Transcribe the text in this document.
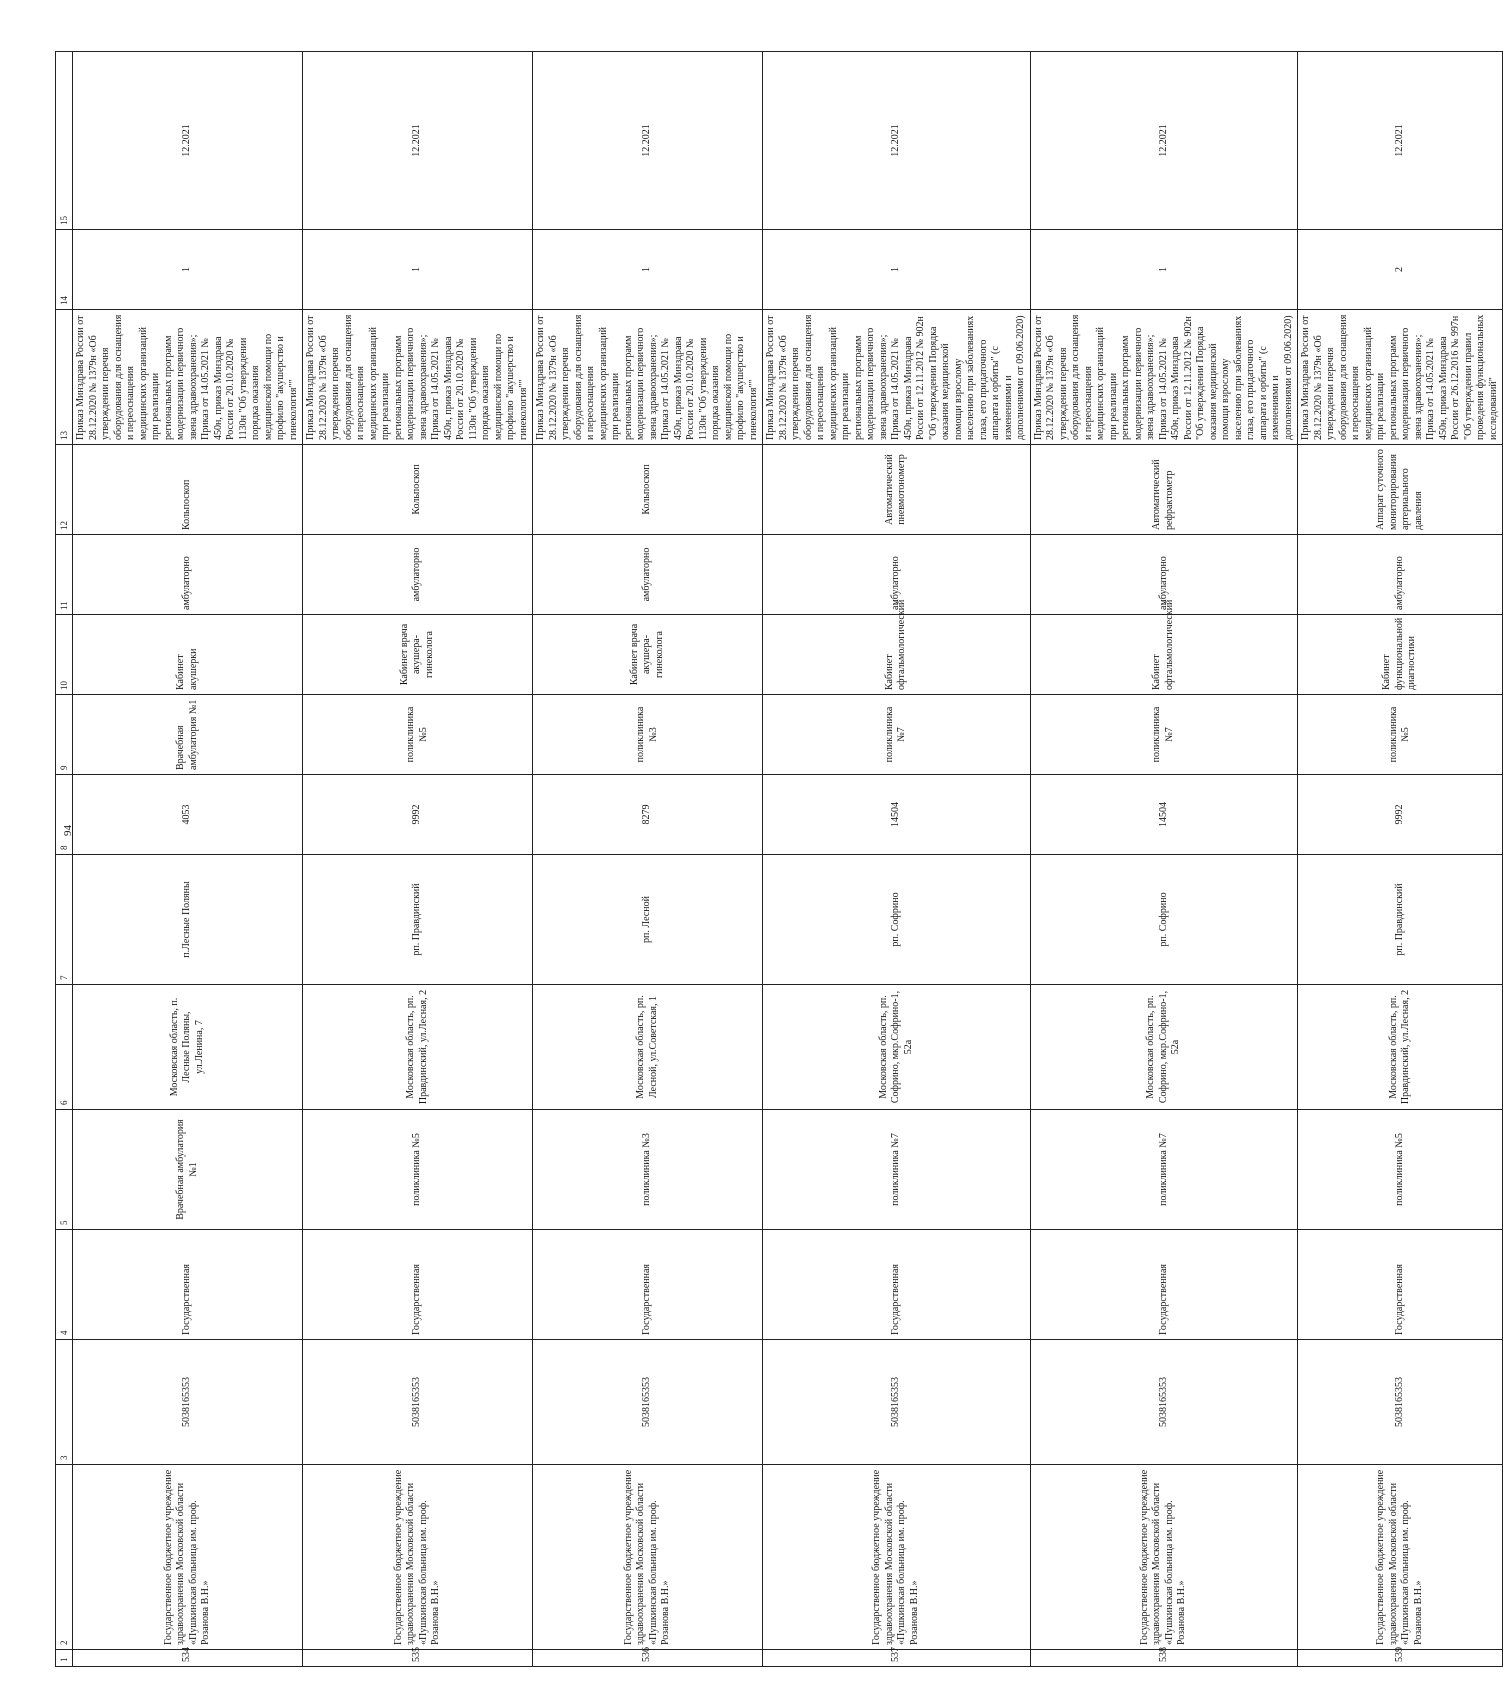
94
1	2	3	4	5	6	7	8	9	10	11	12	13	14	15
534	Государственное бюджетное учреждение здравоохранения Московской области «Пушкинская больница им. проф. Розанова В.Н.»	5038165353	Государственная	Врачебная амбулатория №1	Московская область, п. Лесные Поляны, ул.Ленина, 7	п.Лесные Поляны	4053	Врачебная амбулатория №1	Кабинет акушерки	амбулаторно	Кольпоскоп	Приказ Минздрава России от 28.12.2020 № 1379н «Об утверждении перечня оборудования для оснащения и переоснащения медицинских организаций при реализации региональных программ модернизации первичного звена здравоохранения»; Приказ от 14.05.2021 № 450н, приказ Минздрава России от 20.10.2020 № 1130н "Об утверждении порядка оказания медицинской помощи по профилю "акушерство и гинекология""	1	12.2021
535	Государственное бюджетное учреждение здравоохранения Московской области «Пушкинская больница им. проф. Розанова В.Н.»	5038165353	Государственная	поликлиника №5	Московская область, рп. Правдинский, ул.Лесная, 2	рп. Правдинский	9992	поликлиника №5	Кабинет врача акушера-гинеколога	амбулаторно	Кольпоскоп	Приказ Минздрава России от 28.12.2020 № 1379н «Об утверждении перечня оборудования для оснащения и переоснащения медицинских организаций при реализации региональных программ модернизации первичного звена здравоохранения»; Приказ от 14.05.2021 № 450н, приказ Минздрава России от 20.10.2020 № 1130н "Об утверждении порядка оказания медицинской помощи по профилю "акушерство и гинекология""	1	12.2021
536	Государственное бюджетное учреждение здравоохранения Московской области «Пушкинская больница им. проф. Розанова В.Н.»	5038165353	Государственная	поликлиника №3	Московская область, рп. Лесной, ул.Советская, 1	рп. Лесной	8279	поликлиника №3	Кабинет врача акушера-гинеколога	амбулаторно	Кольпоскоп	Приказ Минздрава России от 28.12.2020 № 1379н «Об утверждении перечня оборудования для оснащения и переоснащения медицинских организаций при реализации региональных программ модернизации первичного звена здравоохранения»; Приказ от 14.05.2021 № 450н, приказ Минздрава России от 20.10.2020 № 1130н "Об утверждении порядка оказания медицинской помощи по профилю "акушерство и гинекология""	1	12.2021
537	Государственное бюджетное учреждение здравоохранения Московской области «Пушкинская больница им. проф. Розанова В.Н.»	5038165353	Государственная	поликлиника №7	Московская область, рп. Софрино, мкр.Софрино-1, 52а	рп. Софрино	14504	поликлиника №7	Кабинет офтальмологический	амбулаторно	Автоматический пневмотонометр	Приказ Минздрава России от 28.12.2020 № 1379н «Об утверждении перечня оборудования для оснащения и переоснащения медицинских организаций при реализации региональных программ модернизации первичного звена здравоохранения»; Приказ от 14.05.2021 № 450н, приказ Минздрава России от 12.11.2012 № 902н "Об утверждении Порядка оказания медицинской помощи взрослому населению при заболеваниях глаза, его придаточного аппарата и орбиты" (с изменениями и дополнениями от 09.06.2020)	1	12.2021
538	Государственное бюджетное учреждение здравоохранения Московской области «Пушкинская больница им. проф. Розанова В.Н.»	5038165353	Государственная	поликлиника №7	Московская область, рп. Софрино, мкр.Софрино-1, 52а	рп. Софрино	14504	поликлиника №7	Кабинет офтальмологический	амбулаторно	Автоматический рефрактометр	Приказ Минздрава России от 28.12.2020 № 1379н «Об утверждении перечня оборудования для оснащения и переоснащения медицинских организаций при реализации региональных программ модернизации первичного звена здравоохранения»; Приказ от 14.05.2021 № 450н, приказ Минздрава России от 12.11.2012 № 902н "Об утверждении Порядка оказания медицинской помощи взрослому населению при заболеваниях глаза, его придаточного аппарата и орбиты" (с изменениями и дополнениями от 09.06.2020)	1	12.2021
539	Государственное бюджетное учреждение здравоохранения Московской области «Пушкинская больница им. проф. Розанова В.Н.»	5038165353	Государственная	поликлиника №5	Московская область, рп. Правдинский, ул.Лесная, 2	рп. Правдинский	9992	поликлиника №5	Кабинет функциональной диагностики	амбулаторно	Аппарат суточного мониторирования артериального давления	Приказ Минздрава России от 28.12.2020 № 1379н «Об утверждении перечня оборудования для оснащения и переоснащения медицинских организаций при реализации региональных программ модернизации первичного звена здравоохранения»; Приказ от 14.05.2021 № 450н, приказ Минздрава России от 26.12.2016 № 997н "Об утверждении правил проведения функциональных исследований"	2	12.2021
